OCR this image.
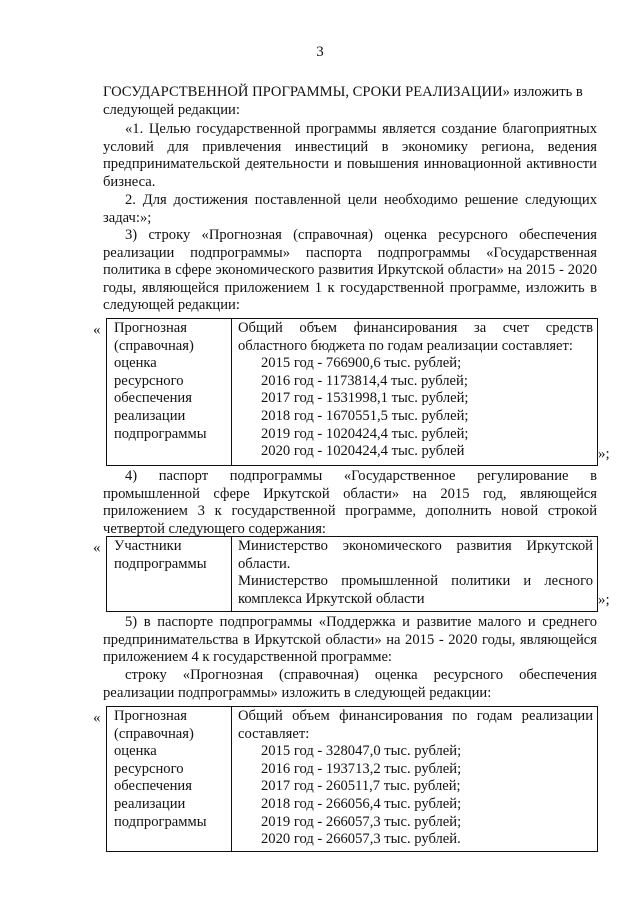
3

ГОСУДАРСТВЕННОЙ ПРОГРАММЫ, СРОКИ РЕАЛИЗАЦИИ» изложить в
следующей редакции:

«1. Целью государственной программы является создание благоприятных условий для привлечения инвестиций в экономику региона, ведения предпринимательской деятельности и повышения инновационной активности бизнеса.

2. Для достижения поставленной цели необходимо решение следующих задач:»;

3) строку «Прогнозная (справочная) оценка ресурсного обеспечения реализации подпрограммы» паспорта подпрограммы «Государственная политика в сфере экономического развития Иркутской области» на 2015 - 2020 годы, являющейся приложением 1 к государственной программе, изложить в следующей редакции:

« Прогнозная
(справочная)
оценка
ресурсного
обеспечения
реализации
подпрограммы

Общий объем финансирования за счет средств областного бюджета по годам реализации составляет:
2015 год - 766900,6 тыс. рублей;
2016 год - 1173814,4 тыс. рублей;
2017 год - 1531998,1 тыс. рублей;
2018 год - 1670551,5 тыс. рублей;
2019 год - 1020424,4 тыс. рублей;
2020 год - 1020424,4 тыс. рублей	»;

4) паспорт подпрограммы «Государственное регулирование в промышленной сфере Иркутской области» на 2015 год, являющейся приложением 3 к государственной программе, дополнить новой строкой четвертой следующего содержания:

« Участники
подпрограммы

Министерство экономического развития Иркутской области.
Министерство промышленной политики и лесного комплекса Иркутской области	»;

5) в паспорте подпрограммы «Поддержка и развитие малого и среднего предпринимательства в Иркутской области» на 2015 - 2020 годы, являющейся приложением 4 к государственной программе:

строку «Прогнозная (справочная) оценка ресурсного обеспечения реализации подпрограммы» изложить в следующей редакции:

« Прогнозная
(справочная)
оценка
ресурсного
обеспечения
реализации
подпрограммы

Общий объем финансирования по годам реализации составляет:
2015 год - 328047,0 тыс. рублей;
2016 год - 193713,2 тыс. рублей;
2017 год - 260511,7 тыс. рублей;
2018 год - 266056,4 тыс. рублей;
2019 год - 266057,3 тыс. рублей;
2020 год - 266057,3 тыс. рублей.
